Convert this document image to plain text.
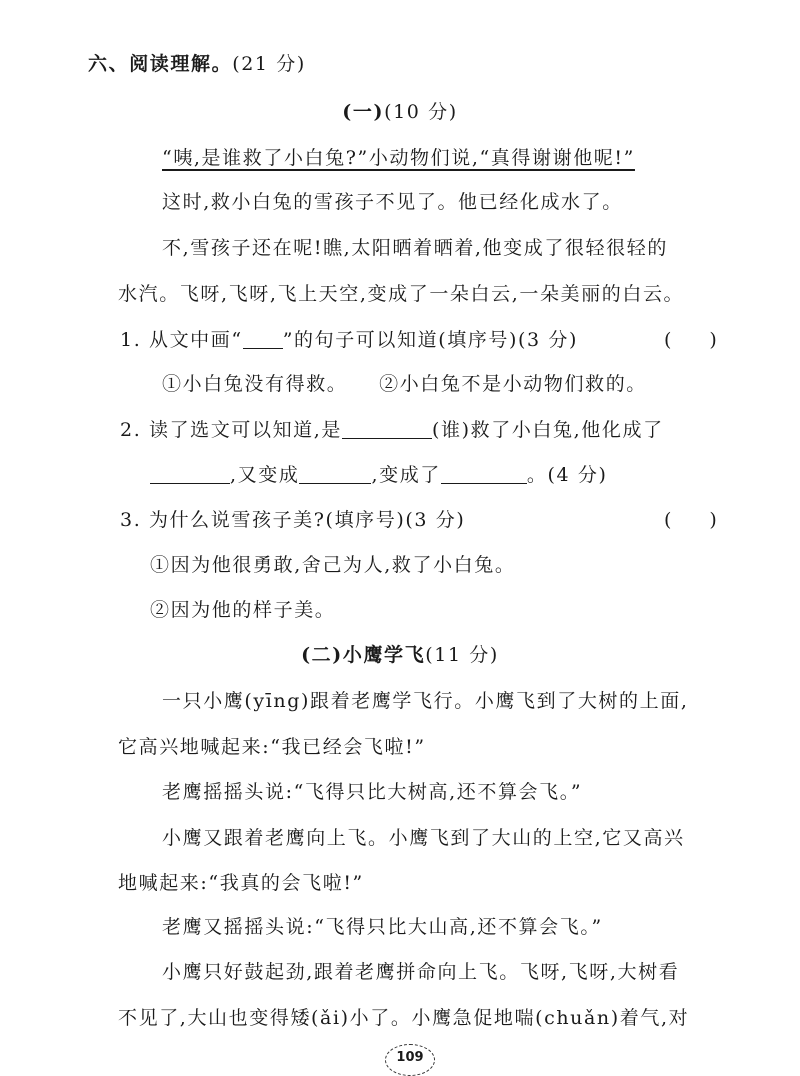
六、阅读理解。(21 分)
(一)(10 分)
“咦,是谁救了小白兔?”小动物们说,“真得谢谢他呢!”
这时,救小白兔的雪孩子不见了。他已经化成水了。
不,雪孩子还在呢!瞧,太阳晒着晒着,他变成了很轻很轻的
水汽。飞呀,飞呀,飞上天空,变成了一朵白云,一朵美丽的白云。
1. 从文中画“ ”的句子可以知道(填序号)(3 分)	(　　)
①小白兔没有得救。　　②小白兔不是小动物们救的。
2. 读了选文可以知道,是	(谁)救了小白兔,他化成了
,又变成	,变成了	。(4 分)
3. 为什么说雪孩子美?(填序号)(3 分)	(　　)
①因为他很勇敢,舍己为人,救了小白兔。
②因为他的样子美。
(二)小鹰学飞(11 分)
一只小鹰(yīng)跟着老鹰学飞行。小鹰飞到了大树的上面,
它高兴地喊起来:“我已经会飞啦!”
老鹰摇摇头说:“飞得只比大树高,还不算会飞。”
小鹰又跟着老鹰向上飞。小鹰飞到了大山的上空,它又高兴
地喊起来:“我真的会飞啦!”
老鹰又摇摇头说:“飞得只比大山高,还不算会飞。”
小鹰只好鼓起劲,跟着老鹰拼命向上飞。飞呀,飞呀,大树看
不见了,大山也变得矮(ǎi)小了。小鹰急促地喘(chuǎn)着气,对
109
